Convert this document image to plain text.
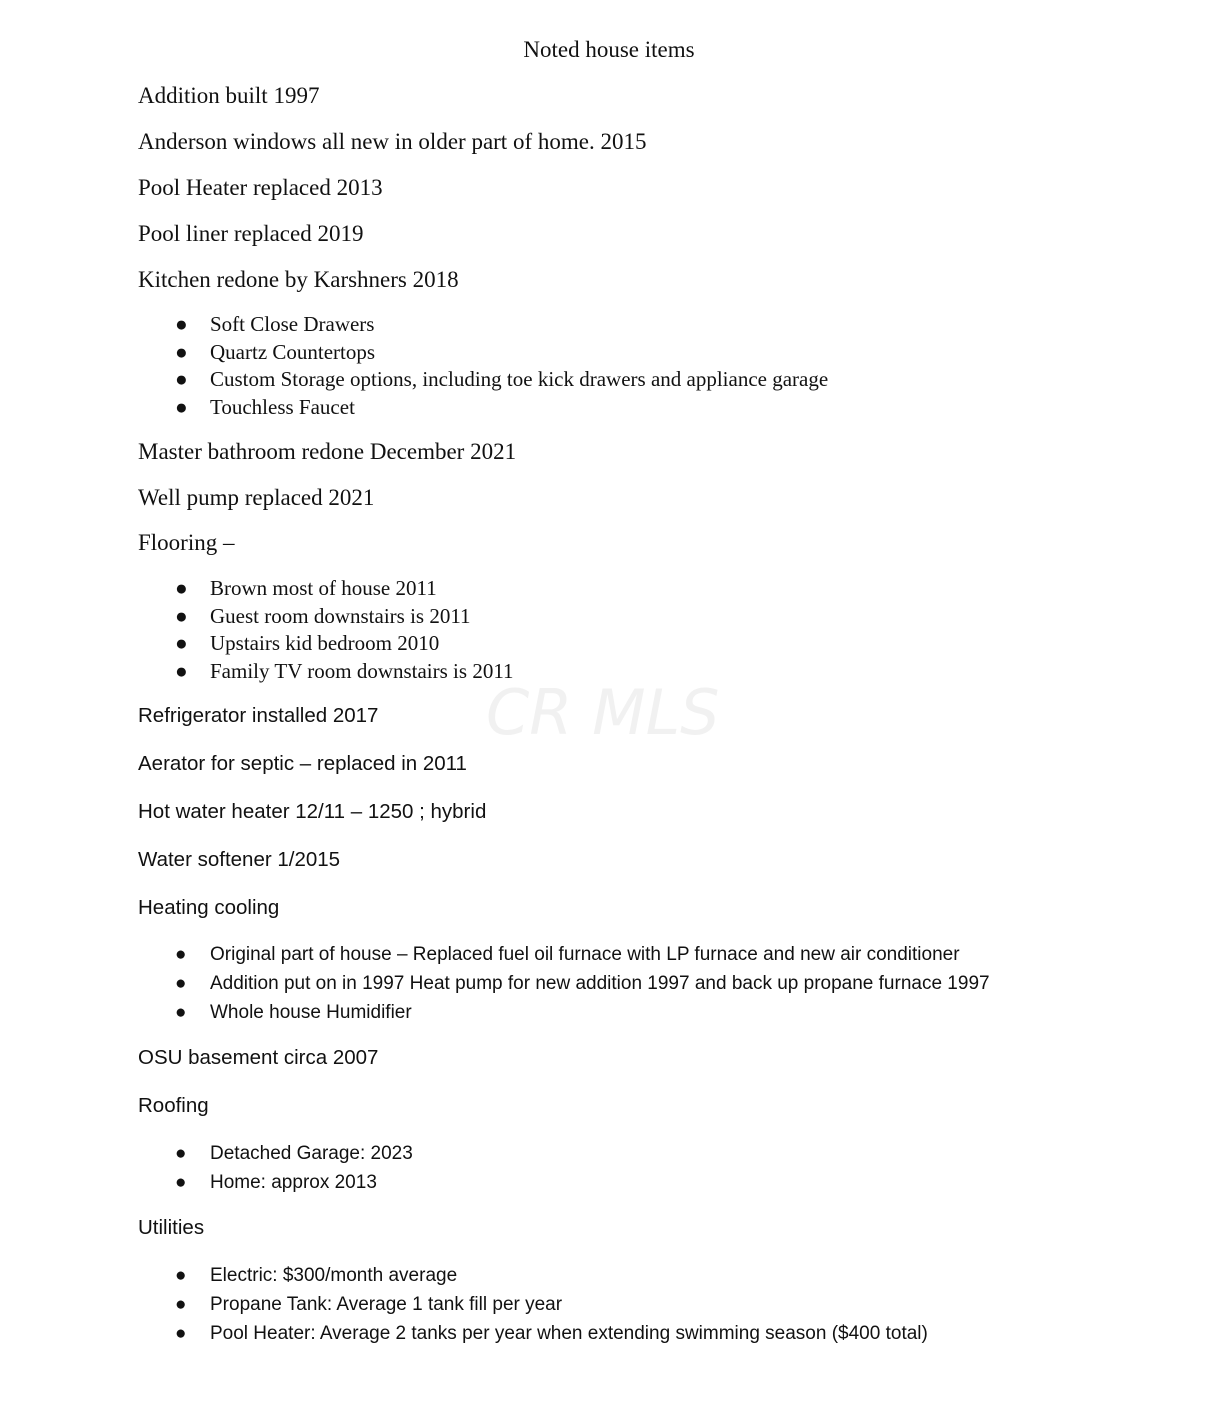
CR MLS
Noted house items

Addition built 1997

Anderson windows all new in older part of home. 2015

Pool Heater replaced 2013

Pool liner replaced 2019

Kitchen redone by Karshners 2018

● Soft Close Drawers
● Quartz Countertops
● Custom Storage options, including toe kick drawers and appliance garage
● Touchless Faucet

Master bathroom redone December 2021

Well pump replaced 2021

Flooring –

● Brown most of house 2011
● Guest room downstairs is 2011
● Upstairs kid bedroom 2010
● Family TV room downstairs is 2011

Refrigerator installed 2017

Aerator for septic – replaced in 2011

Hot water heater 12/11 – 1250 ; hybrid

Water softener 1/2015

Heating cooling

● Original part of house – Replaced fuel oil furnace with LP furnace and new air conditioner
● Addition put on in 1997 Heat pump for new addition 1997 and back up propane furnace 1997
● Whole house Humidifier

OSU basement circa 2007

Roofing

● Detached Garage: 2023
● Home: approx 2013

Utilities

● Electric: $300/month average
● Propane Tank: Average 1 tank fill per year
● Pool Heater: Average 2 tanks per year when extending swimming season ($400 total)
